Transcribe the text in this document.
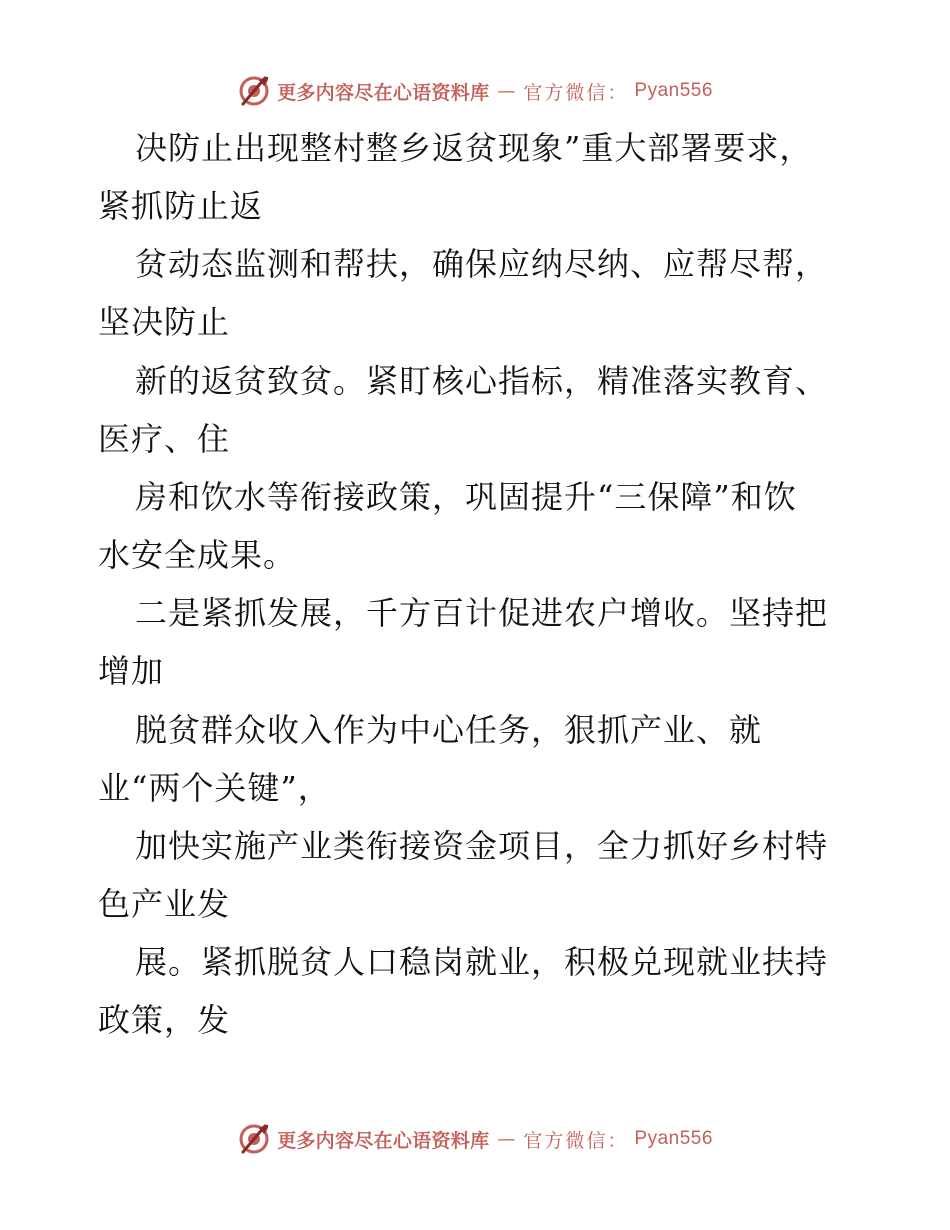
更多内容尽在心语资料库 — 官方微信： Pyan556
决防止出现整村整乡返贫现象”重大部署要求，
紧抓防止返
贫动态监测和帮扶，确保应纳尽纳、应帮尽帮，
坚决防止
新的返贫致贫。紧盯核心指标，精准落实教育、
医疗、住
房和饮水等衔接政策，巩固提升“三保障”和饮
水安全成果。
二是紧抓发展，千方百计促进农户增收。坚持把
增加
脱贫群众收入作为中心任务，狠抓产业、就
业“两个关键”，
加快实施产业类衔接资金项目，全力抓好乡村特
色产业发
展。紧抓脱贫人口稳岗就业，积极兑现就业扶持
政策，发
更多内容尽在心语资料库 — 官方微信： Pyan556
